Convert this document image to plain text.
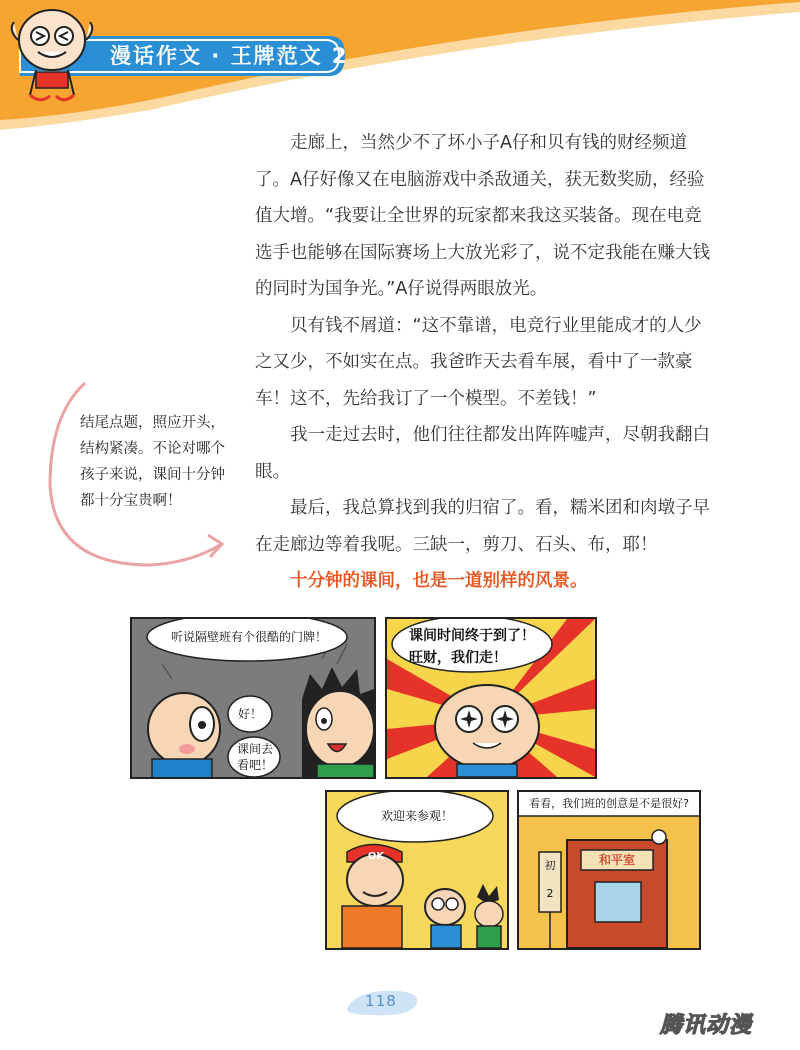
漫话作文 · 王牌范文 2

走廊上，当然少不了坏小子A仔和贝有钱的财经频道了。A仔好像又在电脑游戏中杀敌通关，获无数奖励，经验值大增。“我要让全世界的玩家都来我这买装备。现在电竞选手也能够在国际赛场上大放光彩了，说不定我能在赚大钱的同时为国争光。”A仔说得两眼放光。

贝有钱不屑道：“这不靠谱，电竞行业里能成才的人少之又少，不如实在点。我爸昨天去看车展，看中了一款豪车！这不，先给我订了一个模型。不差钱！”

我一走过去时，他们往往都发出阵阵嘘声，尽朝我翻白眼。

最后，我总算找到我的归宿了。看，糯米团和肉墩子早在走廊边等着我呢。三缺一，剪刀、石头、布，耶！

十分钟的课间，也是一道别样的风景。

结尾点题，照应开头，结构紧凑。不论对哪个孩子来说，课间十分钟都十分宝贵啊！
听说隔壁班有个很酷的门牌！
好！
课间去看吧！
课间时间终于到了！
旺财，我们走！
欢迎来参观！
OK
看看，我们班的创意是不是很好?
和平室
初
2
118
腾讯动漫
